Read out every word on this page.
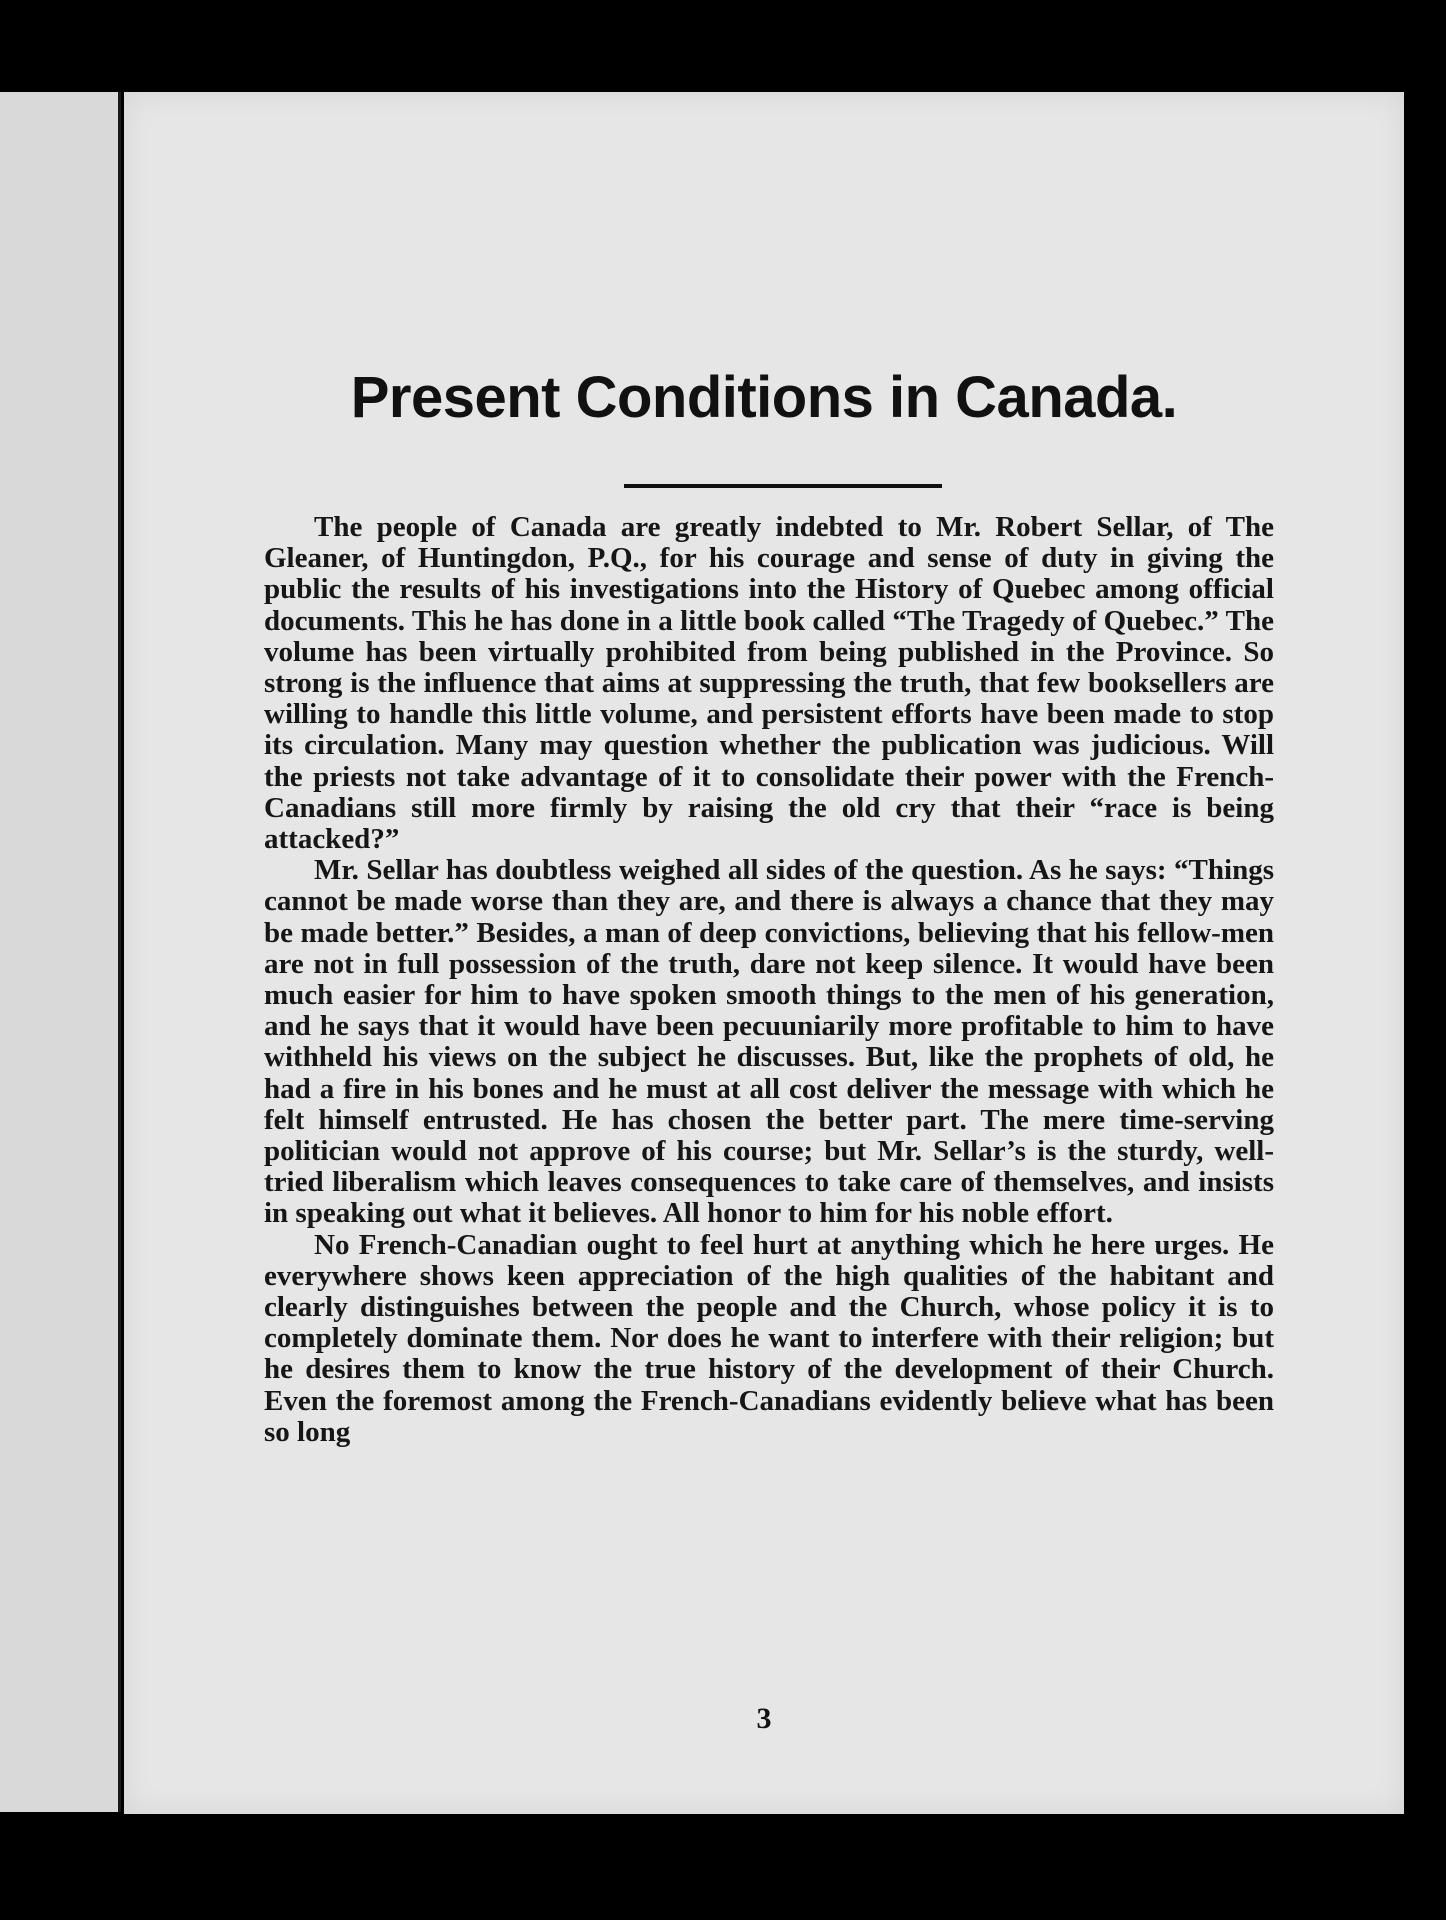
Present Conditions in Canada.

The people of Canada are greatly indebted to Mr. Robert Sellar, of The Gleaner, of Huntingdon, P.Q., for his courage and sense of duty in giving the public the results of his investigations into the History of Quebec among official documents. This he has done in a little book called “The Tragedy of Quebec.” The volume has been virtually prohibited from being published in the Province. So strong is the influence that aims at suppressing the truth, that few booksellers are willing to handle this little volume, and persistent efforts have been made to stop its circulation. Many may question whether the publication was judicious. Will the priests not take advantage of it to consolidate their power with the French-Canadians still more firmly by raising the old cry that their “race is being attacked?”

Mr. Sellar has doubtless weighed all sides of the question. As he says: “Things cannot be made worse than they are, and there is always a chance that they may be made better.” Besides, a man of deep convictions, believing that his fellow-men are not in full possession of the truth, dare not keep silence. It would have been much easier for him to have spoken smooth things to the men of his generation, and he says that it would have been pecuuniarily more profitable to him to have withheld his views on the subject he discusses. But, like the prophets of old, he had a fire in his bones and he must at all cost deliver the message with which he felt himself entrusted. He has chosen the better part. The mere time-serving politician would not approve of his course; but Mr. Sellar’s is the sturdy, well-tried liberalism which leaves consequences to take care of themselves, and insists in speaking out what it believes. All honor to him for his noble effort.

No French-Canadian ought to feel hurt at anything which he here urges. He everywhere shows keen appreciation of the high qualities of the habitant and clearly distinguishes between the people and the Church, whose policy it is to completely dominate them. Nor does he want to interfere with their religion; but he desires them to know the true history of the development of their Church. Even the foremost among the French-Canadians evidently believe what has been so long

3
